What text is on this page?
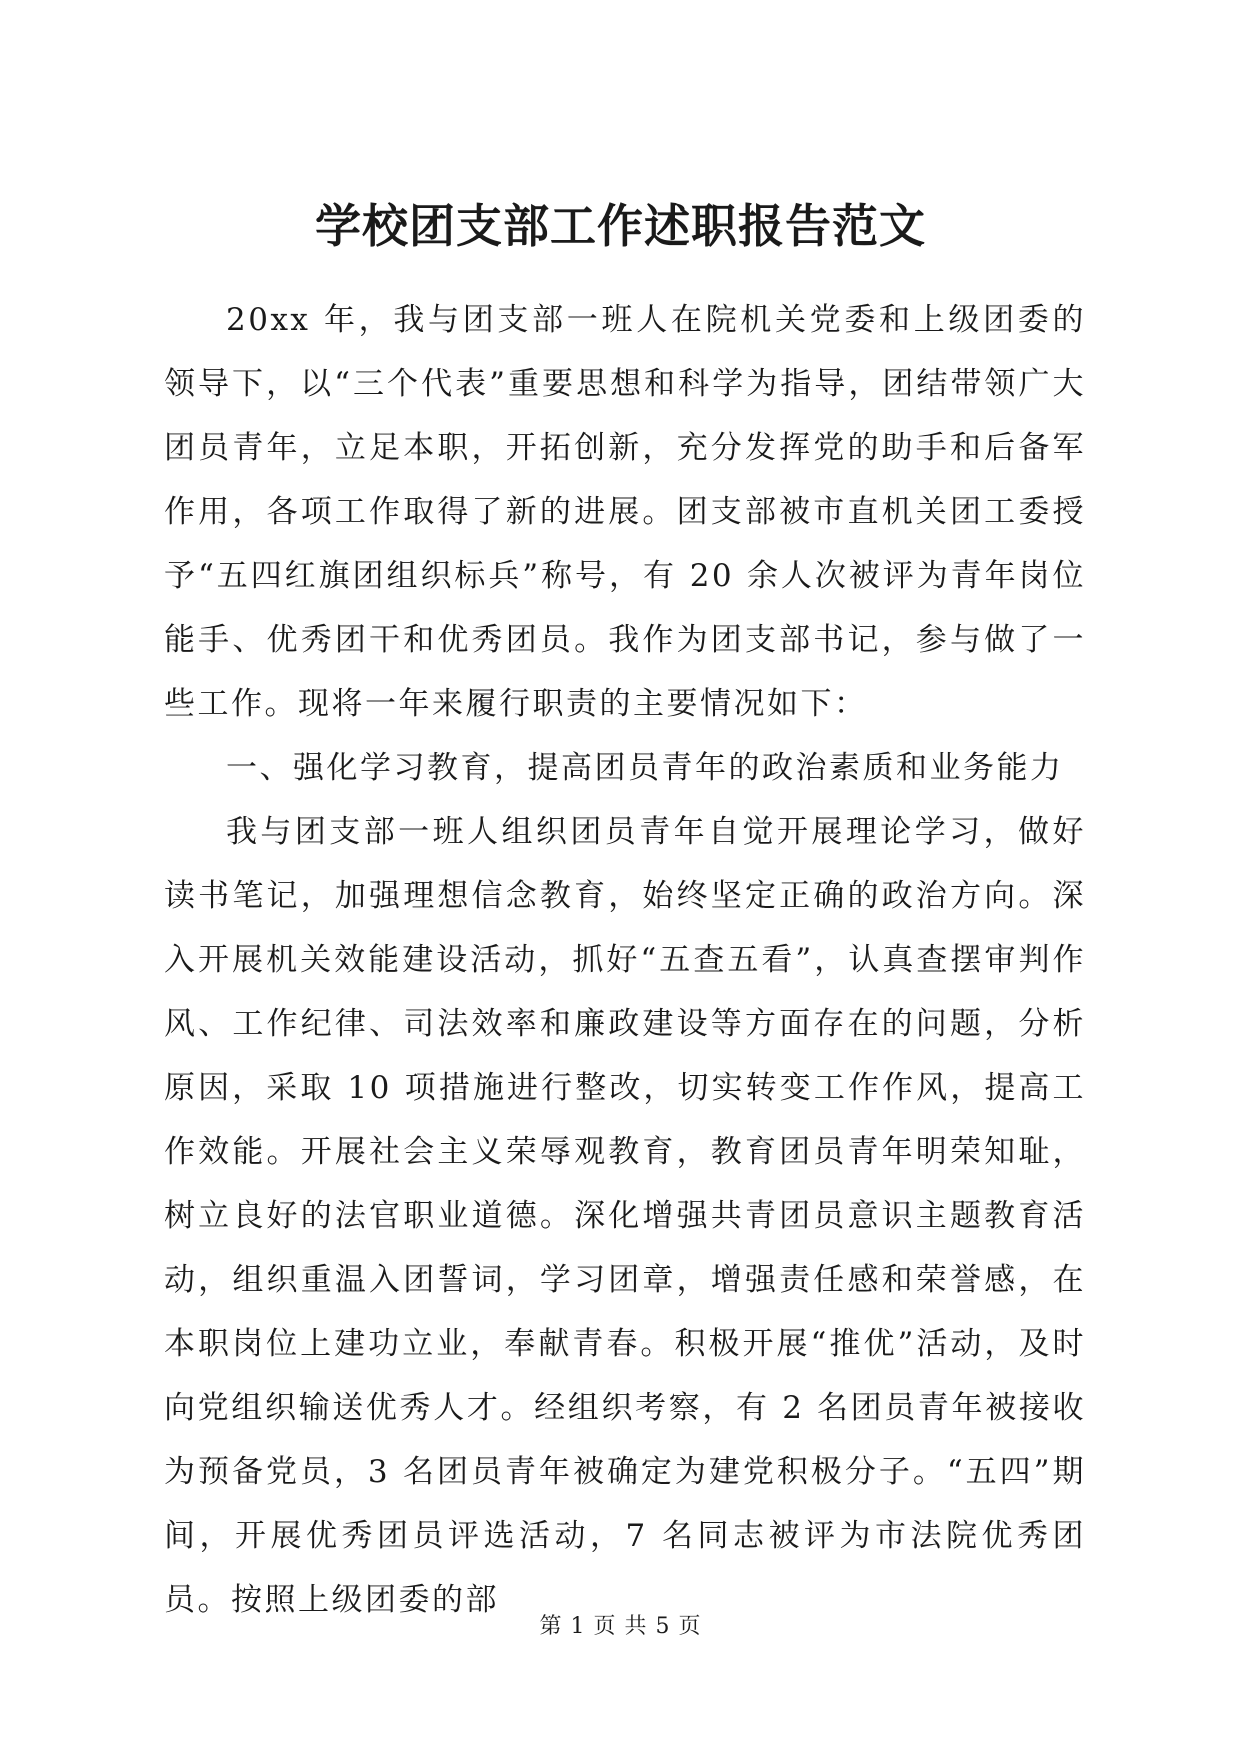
学校团支部工作述职报告范文

20xx 年，我与团支部一班人在院机关党委和上级团委的领导下，以“三个代表”重要思想和科学为指导，团结带领广大团员青年，立足本职，开拓创新，充分发挥党的助手和后备军作用，各项工作取得了新的进展。团支部被市直机关团工委授予“五四红旗团组织标兵”称号，有 20 余人次被评为青年岗位能手、优秀团干和优秀团员。我作为团支部书记，参与做了一些工作。现将一年来履行职责的主要情况如下：

一、强化学习教育，提高团员青年的政治素质和业务能力

我与团支部一班人组织团员青年自觉开展理论学习，做好读书笔记，加强理想信念教育，始终坚定正确的政治方向。深入开展机关效能建设活动，抓好“五查五看”，认真查摆审判作风、工作纪律、司法效率和廉政建设等方面存在的问题，分析原因，采取 10 项措施进行整改，切实转变工作作风，提高工作效能。开展社会主义荣辱观教育，教育团员青年明荣知耻，树立良好的法官职业道德。深化增强共青团员意识主题教育活动，组织重温入团誓词，学习团章，增强责任感和荣誉感，在本职岗位上建功立业，奉献青春。积极开展“推优”活动，及时向党组织输送优秀人才。经组织考察，有 2 名团员青年被接收为预备党员，3 名团员青年被确定为建党积极分子。“五四”期间，开展优秀团员评选活动，7 名同志被评为市法院优秀团员。按照上级团委的部

第 1 页 共 5 页
